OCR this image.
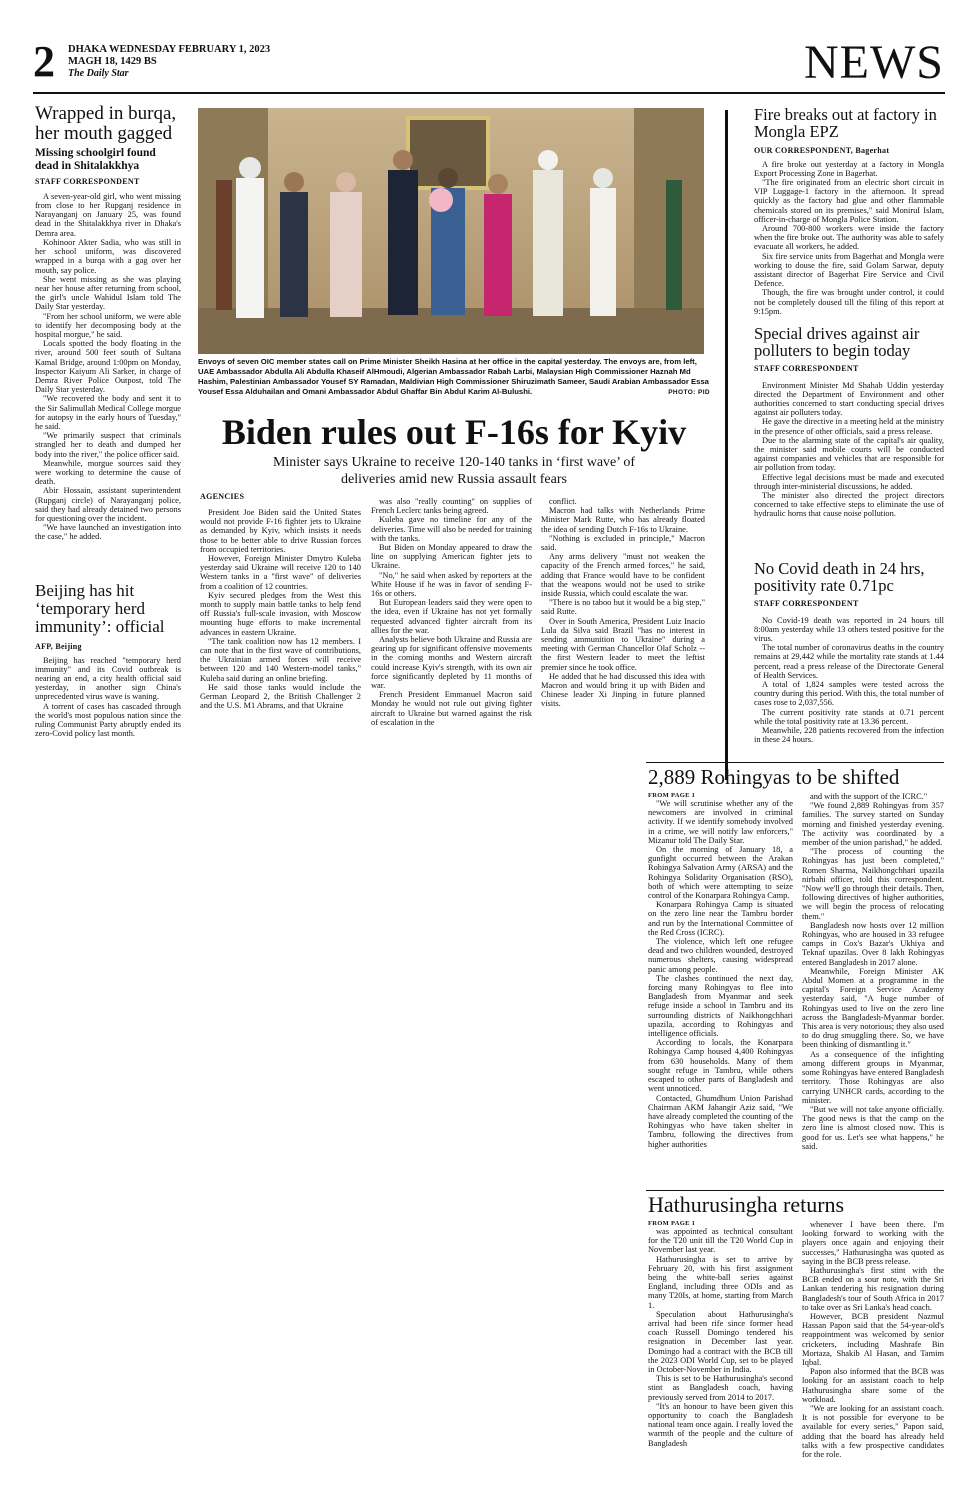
2 DHAKA WEDNESDAY FEBRUARY 1, 2023
MAGH 18, 1429 BS
The Daily Star	NEWS
Wrapped in burqa, her mouth gagged
Missing schoolgirl found dead in Shitalakkhya
STAFF CORRESPONDENT

A seven-year-old girl, who went missing from close to her Rupganj residence in Narayanganj on January 25, was found dead in the Shitalakkhya river in Dhaka's Demra area.

Kohinoor Akter Sadia, who was still in her school uniform, was discovered wrapped in a burqa with a gag over her mouth, say police.

She went missing as she was playing near her house after returning from school, the girl's uncle Wahidul Islam told The Daily Star yesterday.

"From her school uniform, we were able to identify her decomposing body at the hospital morgue," he said.

Locals spotted the body floating in the river, around 500 feet south of Sultana Kamal Bridge, around 1:00pm on Monday, Inspector Kaiyum Ali Sarker, in charge of Demra River Police Outpost, told The Daily Star yesterday.

"We recovered the body and sent it to the Sir Salimullah Medical College morgue for autopsy in the early hours of Tuesday," he said.

"We primarily suspect that criminals strangled her to death and dumped her body into the river," the police officer said.

Meanwhile, morgue sources said they were working to determine the cause of death.

Abir Hossain, assistant superintendent (Rupganj circle) of Narayanganj police, said they had already detained two persons for questioning over the incident.

"We have launched an investigation into the case," he added.

Beijing has hit ‘temporary herd immunity’: official
AFP, Beijing

Beijing has reached "temporary herd immunity" and its Covid outbreak is nearing an end, a city health official said yesterday, in another sign China's unprecedented virus wave is waning.

A torrent of cases has cascaded through the world's most populous nation since the ruling Communist Party abruptly ended its zero-Covid policy last month.

Envoys of seven OIC member states call on Prime Minister Sheikh Hasina at her office in the capital yesterday. The envoys are, from left, UAE Ambassador Abdulla Ali Abdulla Khaseif AlHmoudi, Algerian Ambassador Rabah Larbi, Malaysian High Commissioner Haznah Md Hashim, Palestinian Ambassador Yousef SY Ramadan, Maldivian High Commissioner Shiruzimath Sameer, Saudi Arabian Ambassador Essa Yousef Essa Alduhailan and Omani Ambassador Abdul Ghaffar Bin Abdul Karim Al-Bulushi.	PHOTO: PID
Biden rules out F-16s for Kyiv
Minister says Ukraine to receive 120-140 tanks in ‘first wave’ of deliveries amid new Russia assault fears
AGENCIES

President Joe Biden said the United States would not provide F-16 fighter jets to Ukraine as demanded by Kyiv, which insists it needs those to be better able to drive Russian forces from occupied territories.

However, Foreign Minister Dmytro Kuleba yesterday said Ukraine will receive 120 to 140 Western tanks in a "first wave" of deliveries from a coalition of 12 countries.

Kyiv secured pledges from the West this month to supply main battle tanks to help fend off Russia's full-scale invasion, with Moscow mounting huge efforts to make incremental advances in eastern Ukraine.

"The tank coalition now has 12 members. I can note that in the first wave of contributions, the Ukrainian armed forces will receive between 120 and 140 Western-model tanks," Kuleba said during an online briefing.

He said those tanks would include the German Leopard 2, the British Challenger 2 and the U.S. M1 Abrams, and that Ukraine

was also "really counting" on supplies of French Leclerc tanks being agreed.

Kuleba gave no timeline for any of the deliveries. Time will also be needed for training with the tanks.

But Biden on Monday appeared to draw the line on supplying American fighter jets to Ukraine.

"No," he said when asked by reporters at the White House if he was in favor of sending F-16s or others.

But European leaders said they were open to the idea, even if Ukraine has not yet formally requested advanced fighter aircraft from its allies for the war.

Analysts believe both Ukraine and Russia are gearing up for significant offensive movements in the coming months and Western aircraft could increase Kyiv's strength, with its own air force significantly depleted by 11 months of war.

French President Emmanuel Macron said Monday he would not rule out giving fighter aircraft to Ukraine but warned against the risk of escalation in the

conflict.

Macron had talks with Netherlands Prime Minister Mark Rutte, who has already floated the idea of sending Dutch F-16s to Ukraine.

"Nothing is excluded in principle," Macron said.

Any arms delivery "must not weaken the capacity of the French armed forces," he said, adding that France would have to be confident that the weapons would not be used to strike inside Russia, which could escalate the war.

"There is no taboo but it would be a big step," said Rutte.

Over in South America, President Luiz Inacio Lula da Silva said Brazil "has no interest in sending ammunition to Ukraine" during a meeting with German Chancellor Olaf Scholz -- the first Western leader to meet the leftist premier since he took office.

He added that he had discussed this idea with Macron and would bring it up with Biden and Chinese leader Xi Jinping in future planned visits.

Fire breaks out at factory in Mongla EPZ
OUR CORRESPONDENT, Bagerhat

A fire broke out yesterday at a factory in Mongla Export Processing Zone in Bagerhat.

"The fire originated from an electric short circuit in VIP Luggage-1 factory in the afternoon. It spread quickly as the factory had glue and other flammable chemicals stored on its premises," said MoniruI Islam, officer-in-charge of Mongla Police Station.

Around 700-800 workers were inside the factory when the fire broke out. The authority was able to safely evacuate all workers, he added.

Six fire service units from Bagerhat and Mongla were working to douse the fire, said Golam Sarwar, deputy assistant director of Bagerhat Fire Service and Civil Defence.

Though, the fire was brought under control, it could not be completely doused till the filing of this report at 9:15pm.

Special drives against air polluters to begin today
STAFF CORRESPONDENT

Environment Minister Md Shahab Uddin yesterday directed the Department of Environment and other authorities concerned to start conducting special drives against air polluters today.

He gave the directive in a meeting held at the ministry in the presence of other officials, said a press release.

Due to the alarming state of the capital's air quality, the minister said mobile courts will be conducted against companies and vehicles that are responsible for air pollution from today.

Effective legal decisions must be made and executed through inter-ministerial discussions, he added.

The minister also directed the project directors concerned to take effective steps to eliminate the use of hydraulic horns that cause noise pollution.

No Covid death in 24 hrs, positivity rate 0.71pc
STAFF CORRESPONDENT

No Covid-19 death was reported in 24 hours till 8:00am yesterday while 13 others tested positive for the virus.

The total number of coronavirus deaths in the country remains at 29,442 while the mortality rate stands at 1.44 percent, read a press release of the Directorate General of Health Services.

A total of 1,824 samples were tested across the country during this period. With this, the total number of cases rose to 2,037,556.

The current positivity rate stands at 0.71 percent while the total positivity rate at 13.36 percent.

Meanwhile, 228 patients recovered from the infection in these 24 hours.

2,889 Rohingyas to be shifted
FROM PAGE 1

"We will scrutinise whether any of the newcomers are involved in criminal activity. If we identify somebody involved in a crime, we will notify law enforcers," Mizanur told The Daily Star.

On the morning of January 18, a gunfight occurred between the Arakan Rohingya Salvation Army (ARSA) and the Rohingya Solidarity Organisation (RSO), both of which were attempting to seize control of the Konarpara Rohingya Camp.

Konarpara Rohingya Camp is situated on the zero line near the Tambru border and run by the International Committee of the Red Cross (ICRC).

The violence, which left one refugee dead and two children wounded, destroyed numerous shelters, causing widespread panic among people.

The clashes continued the next day, forcing many Rohingyas to flee into Bangladesh from Myanmar and seek refuge inside a school in Tambru and its surrounding districts of Naikhongchhari upazila, according to Rohingyas and intelligence officials.

According to locals, the Konarpara Rohingya Camp housed 4,400 Rohingyas from 630 households. Many of them sought refuge in Tambru, while others escaped to other parts of Bangladesh and went unnoticed.

Contacted, Ghumdhum Union Parishad Chairman AKM Jahangir Aziz said, "We have already completed the counting of the Rohingyas who have taken shelter in Tambru, following the directives from higher authorities

and with the support of the ICRC."

"We found 2,889 Rohingyas from 357 families. The survey started on Sunday morning and finished yesterday evening. The activity was coordinated by a member of the union parishad," he added.

"The process of counting the Rohingyas has just been completed," Romen Sharma, Naikhongchhari upazila nirbahi officer, told this correspondent. "Now we'll go through their details. Then, following directives of higher authorities, we will begin the process of relocating them."

Bangladesh now hosts over 12 million Rohingyas, who are housed in 33 refugee camps in Cox's Bazar's Ukhiya and Teknaf upazilas. Over 8 lakh Rohingyas entered Bangladesh in 2017 alone.

Meanwhile, Foreign Minister AK Abdul Momen at a programme in the capital's Foreign Service Academy yesterday said, "A huge number of Rohingyas used to live on the zero line across the Bangladesh-Myanmar border. This area is very notorious; they also used to do drug smuggling there. So, we have been thinking of dismantling it."

As a consequence of the infighting among different groups in Myanmar, some Rohingyas have entered Bangladesh territory. Those Rohingyas are also carrying UNHCR cards, according to the minister.

"But we will not take anyone officially. The good news is that the camp on the zero line is almost closed now. This is good for us. Let's see what happens," he said.

Hathurusingha returns
FROM PAGE 1

was appointed as technical consultant for the T20 unit till the T20 World Cup in November last year.

Hathurusingha is set to arrive by February 20, with his first assignment being the white-ball series against England, including three ODIs and as many T20Is, at home, starting from March 1.

Speculation about Hathurusingha's arrival had been rife since former head coach Russell Domingo tendered his resignation in December last year. Domingo had a contract with the BCB till the 2023 ODI World Cup, set to be played in October-November in India.

This is set to be Hathurusingha's second stint as Bangladesh coach, having previously served from 2014 to 2017.

"It's an honour to have been given this opportunity to coach the Bangladesh national team once again. I really loved the warmth of the people and the culture of Bangladesh

whenever I have been there. I'm looking forward to working with the players once again and enjoying their successes," Hathurusingha was quoted as saying in the BCB press release.

Hathurusingha's first stint with the BCB ended on a sour note, with the Sri Lankan tendering his resignation during Bangladesh's tour of South Africa in 2017 to take over as Sri Lanka's head coach.

However, BCB president Nazmul Hassan Papon said that the 54-year-old's reappointment was welcomed by senior cricketers, including Mashrafe Bin Mortaza, Shakib Al Hasan, and Tamim Iqbal.

Papon also informed that the BCB was looking for an assistant coach to help Hathurusingha share some of the workload.

"We are looking for an assistant coach. It is not possible for everyone to be available for every series," Papon said, adding that the board has already held talks with a few prospective candidates for the role.
